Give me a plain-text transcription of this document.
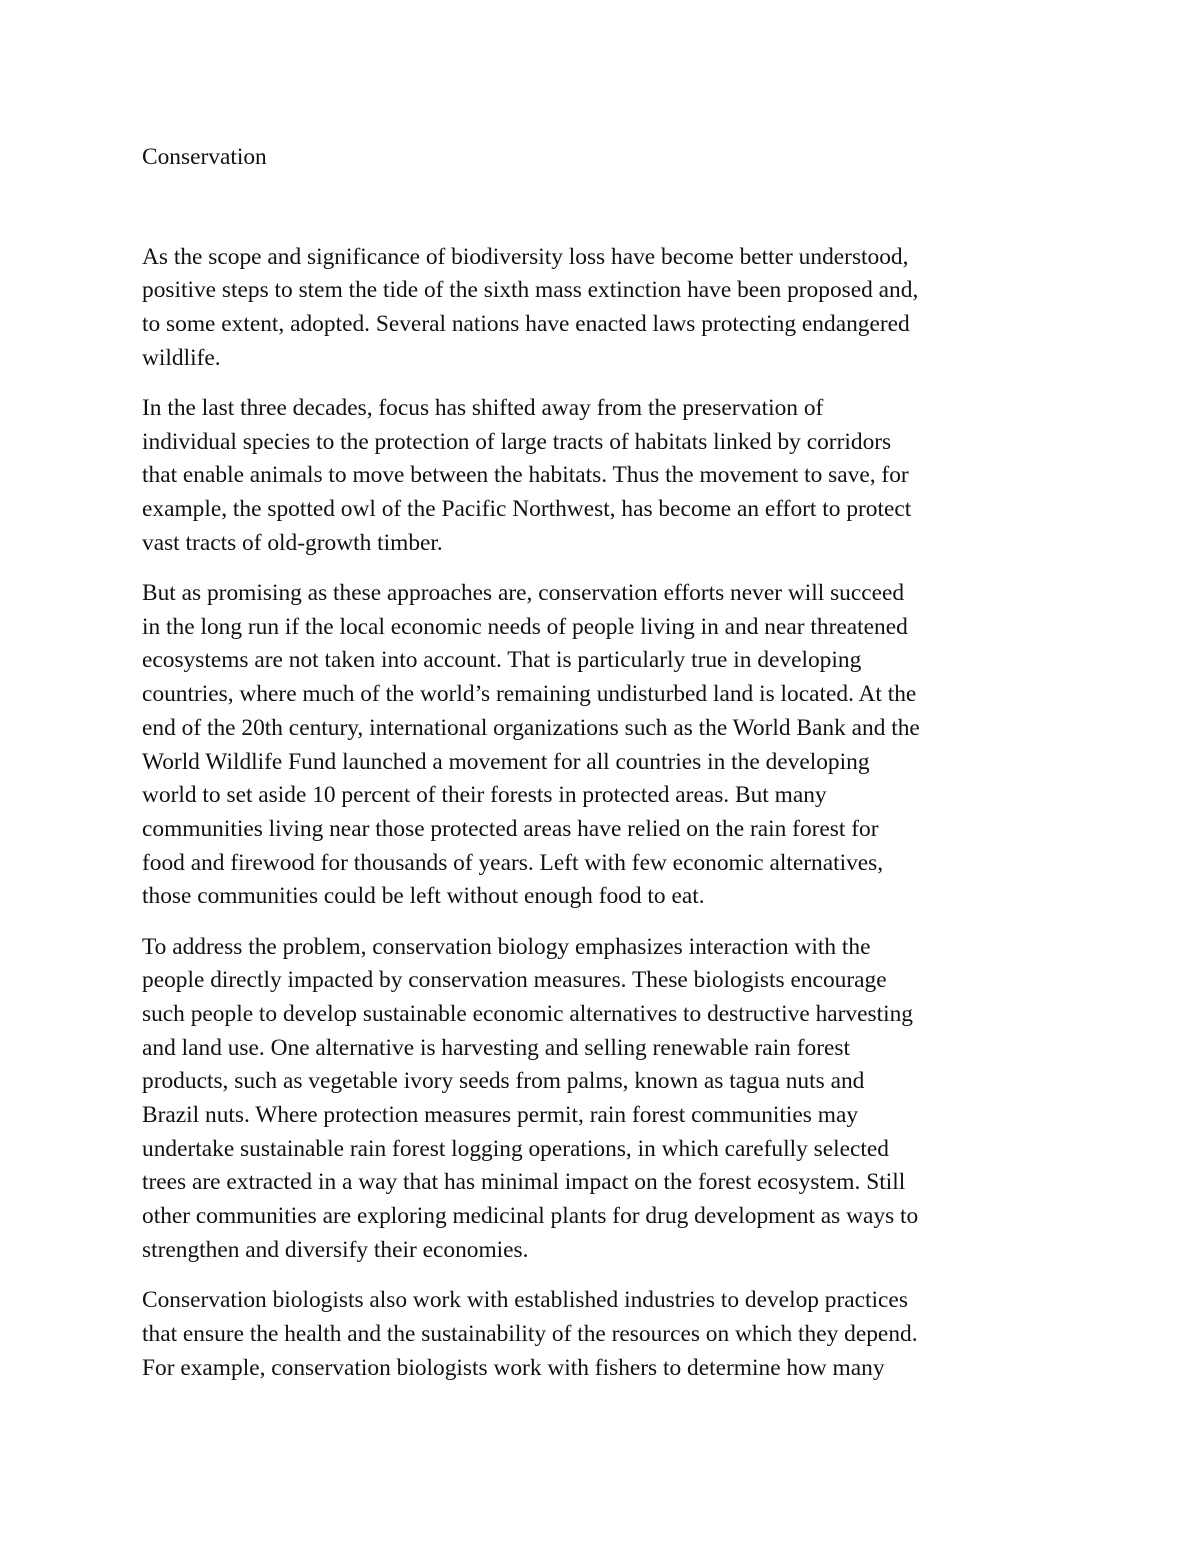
Conservation

As the scope and significance of biodiversity loss have become better understood,
positive steps to stem the tide of the sixth mass extinction have been proposed and,
to some extent, adopted. Several nations have enacted laws protecting endangered
wildlife.

In the last three decades, focus has shifted away from the preservation of
individual species to the protection of large tracts of habitats linked by corridors
that enable animals to move between the habitats. Thus the movement to save, for
example, the spotted owl of the Pacific Northwest, has become an effort to protect
vast tracts of old-growth timber.

But as promising as these approaches are, conservation efforts never will succeed
in the long run if the local economic needs of people living in and near threatened
ecosystems are not taken into account. That is particularly true in developing
countries, where much of the world’s remaining undisturbed land is located. At the
end of the 20th century, international organizations such as the World Bank and the
World Wildlife Fund launched a movement for all countries in the developing
world to set aside 10 percent of their forests in protected areas. But many
communities living near those protected areas have relied on the rain forest for
food and firewood for thousands of years. Left with few economic alternatives,
those communities could be left without enough food to eat.

To address the problem, conservation biology emphasizes interaction with the
people directly impacted by conservation measures. These biologists encourage
such people to develop sustainable economic alternatives to destructive harvesting
and land use. One alternative is harvesting and selling renewable rain forest
products, such as vegetable ivory seeds from palms, known as tagua nuts and
Brazil nuts. Where protection measures permit, rain forest communities may
undertake sustainable rain forest logging operations, in which carefully selected
trees are extracted in a way that has minimal impact on the forest ecosystem. Still
other communities are exploring medicinal plants for drug development as ways to
strengthen and diversify their economies.

Conservation biologists also work with established industries to develop practices
that ensure the health and the sustainability of the resources on which they depend.
For example, conservation biologists work with fishers to determine how many
